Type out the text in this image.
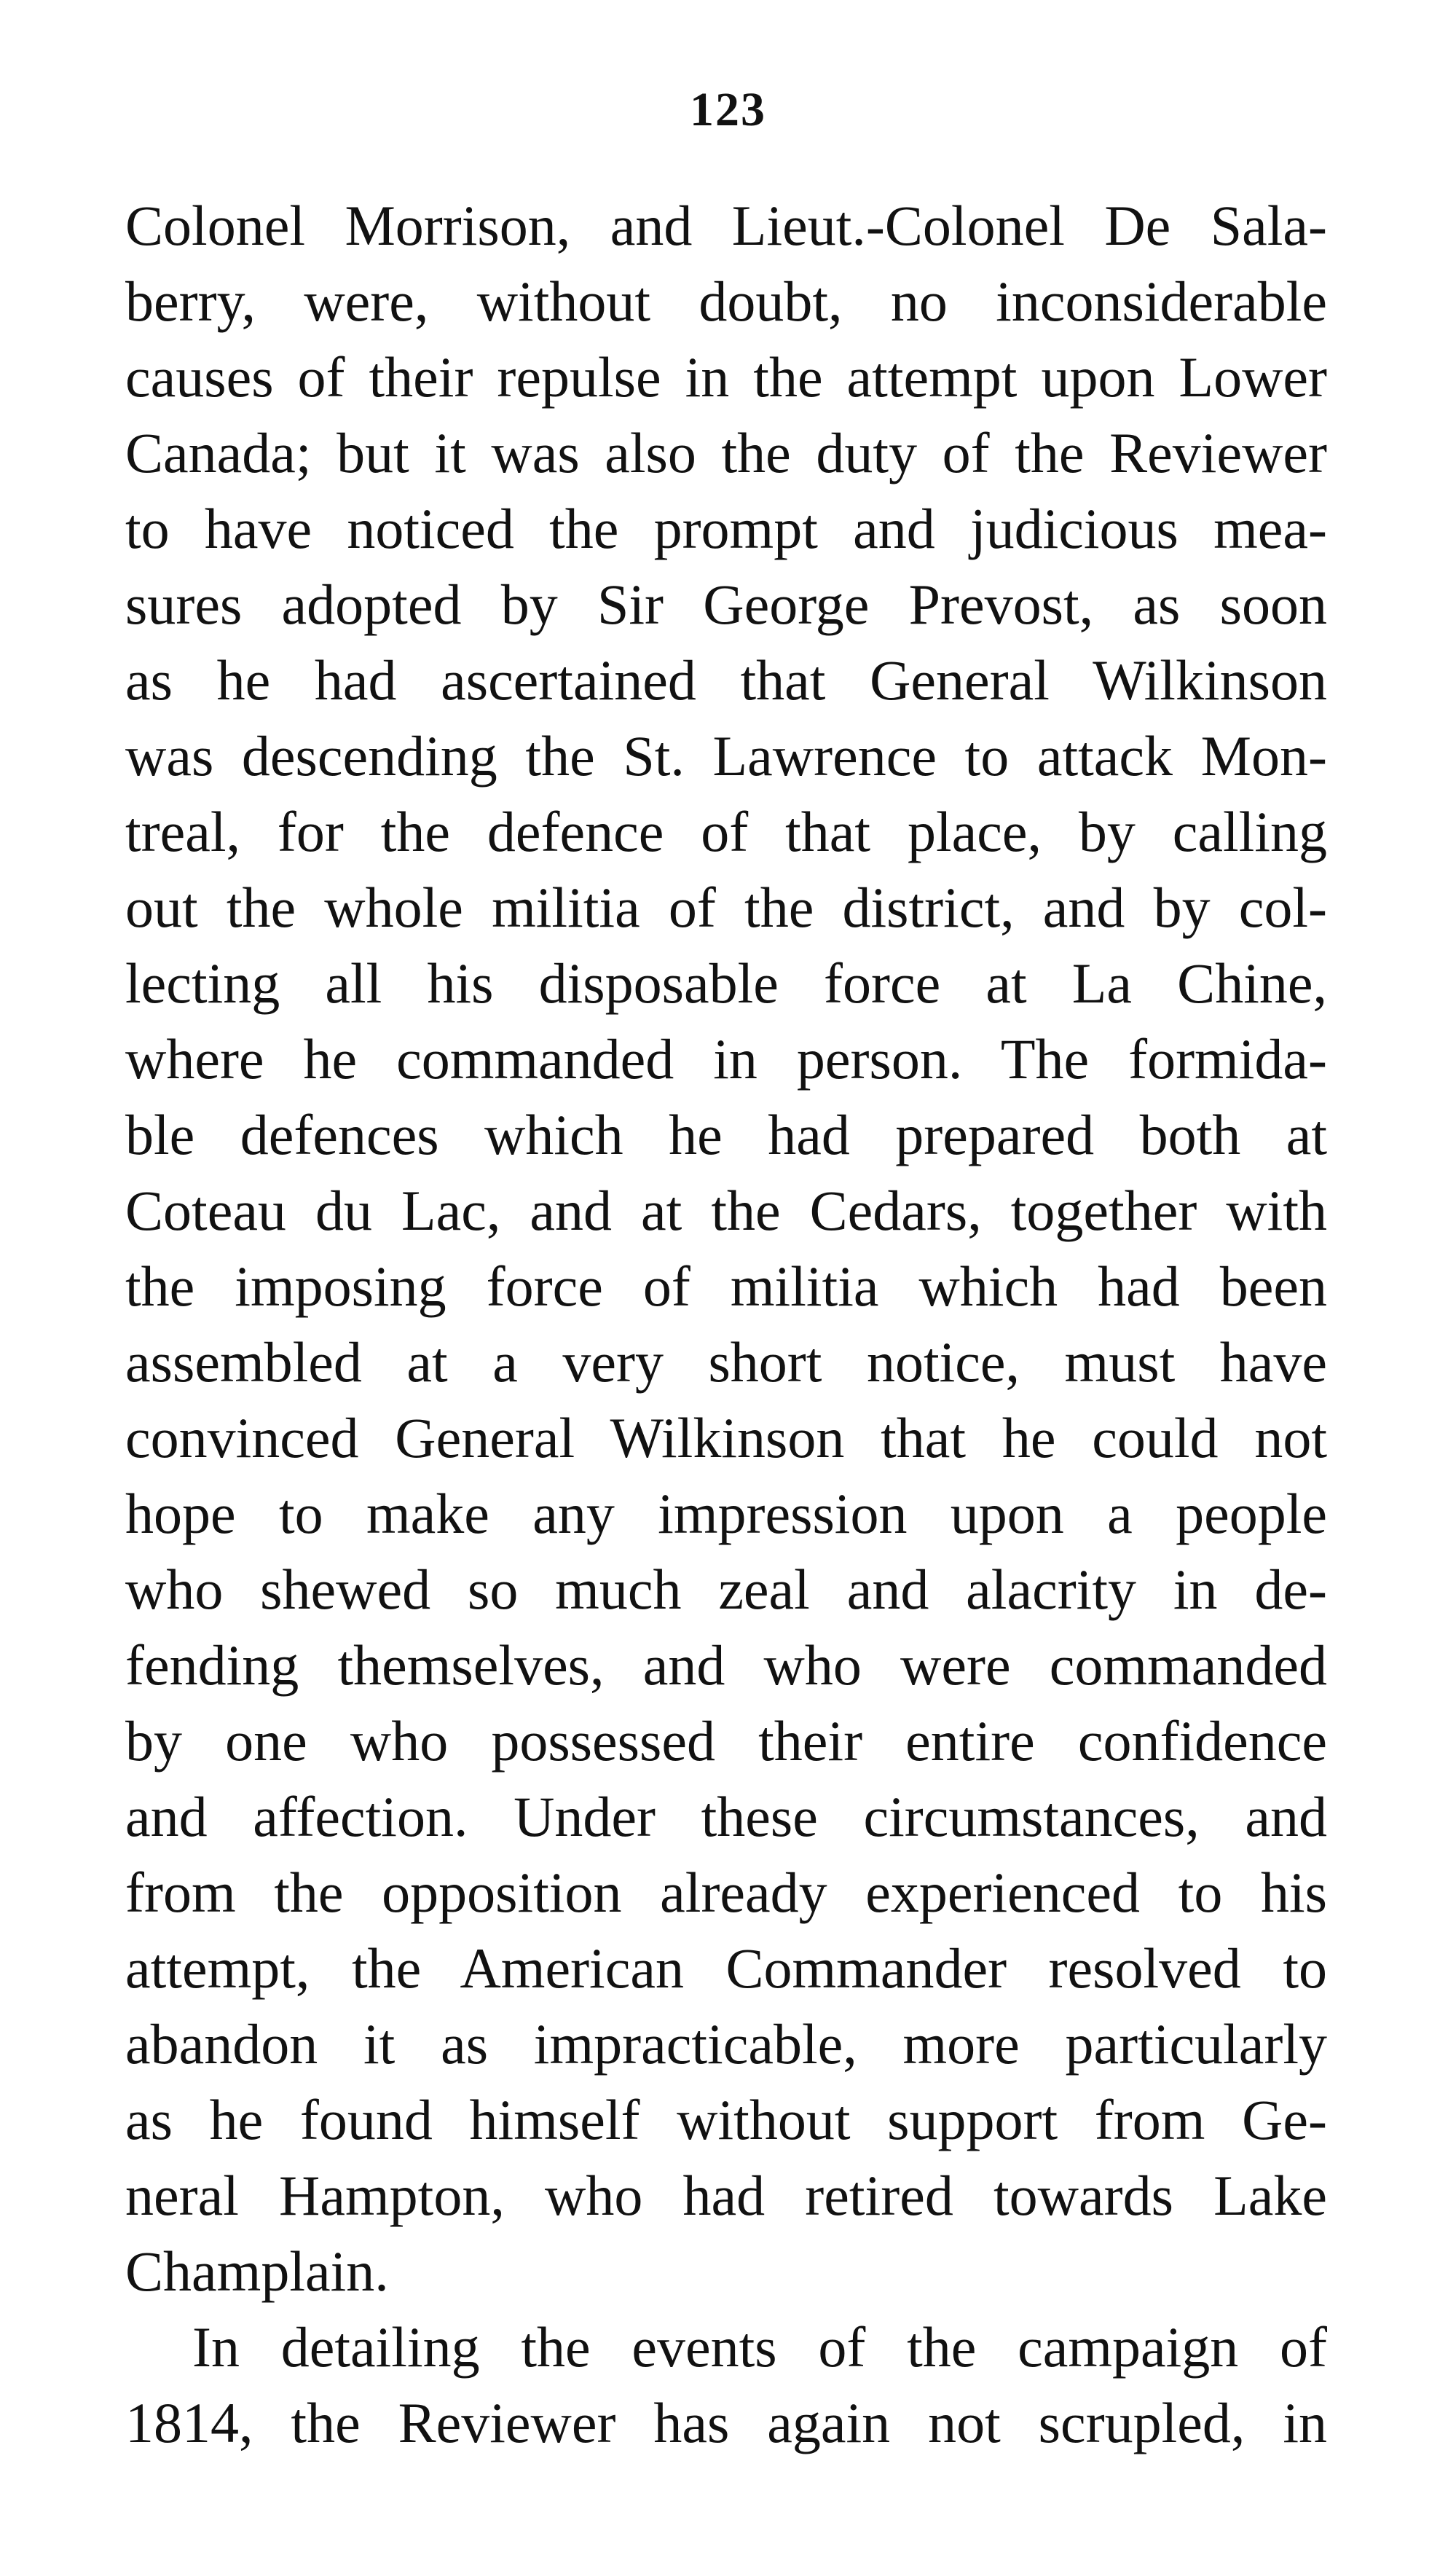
123
Colonel Morrison, and Lieut.-Colonel De Sala-
berry, were, without doubt, no inconsiderable
causes of their repulse in the attempt upon Lower
Canada; but it was also the duty of the Reviewer
to have noticed the prompt and judicious mea-
sures adopted by Sir George Prevost, as soon
as he had ascertained that General Wilkinson
was descending the St. Lawrence to attack Mon-
treal, for the defence of that place, by calling
out the whole militia of the district, and by col-
lecting all his disposable force at La Chine,
where he commanded in person. The formida-
ble defences which he had prepared both at
Coteau du Lac, and at the Cedars, together with
the imposing force of militia which had been
assembled at a very short notice, must have
convinced General Wilkinson that he could not
hope to make any impression upon a people
who shewed so much zeal and alacrity in de-
fending themselves, and who were commanded
by one who possessed their entire confidence
and affection. Under these circumstances, and
from the opposition already experienced to his
attempt, the American Commander resolved to
abandon it as impracticable, more particularly
as he found himself without support from Ge-
neral Hampton, who had retired towards Lake
Champlain.
In detailing the events of the campaign of
1814, the Reviewer has again not scrupled, in
